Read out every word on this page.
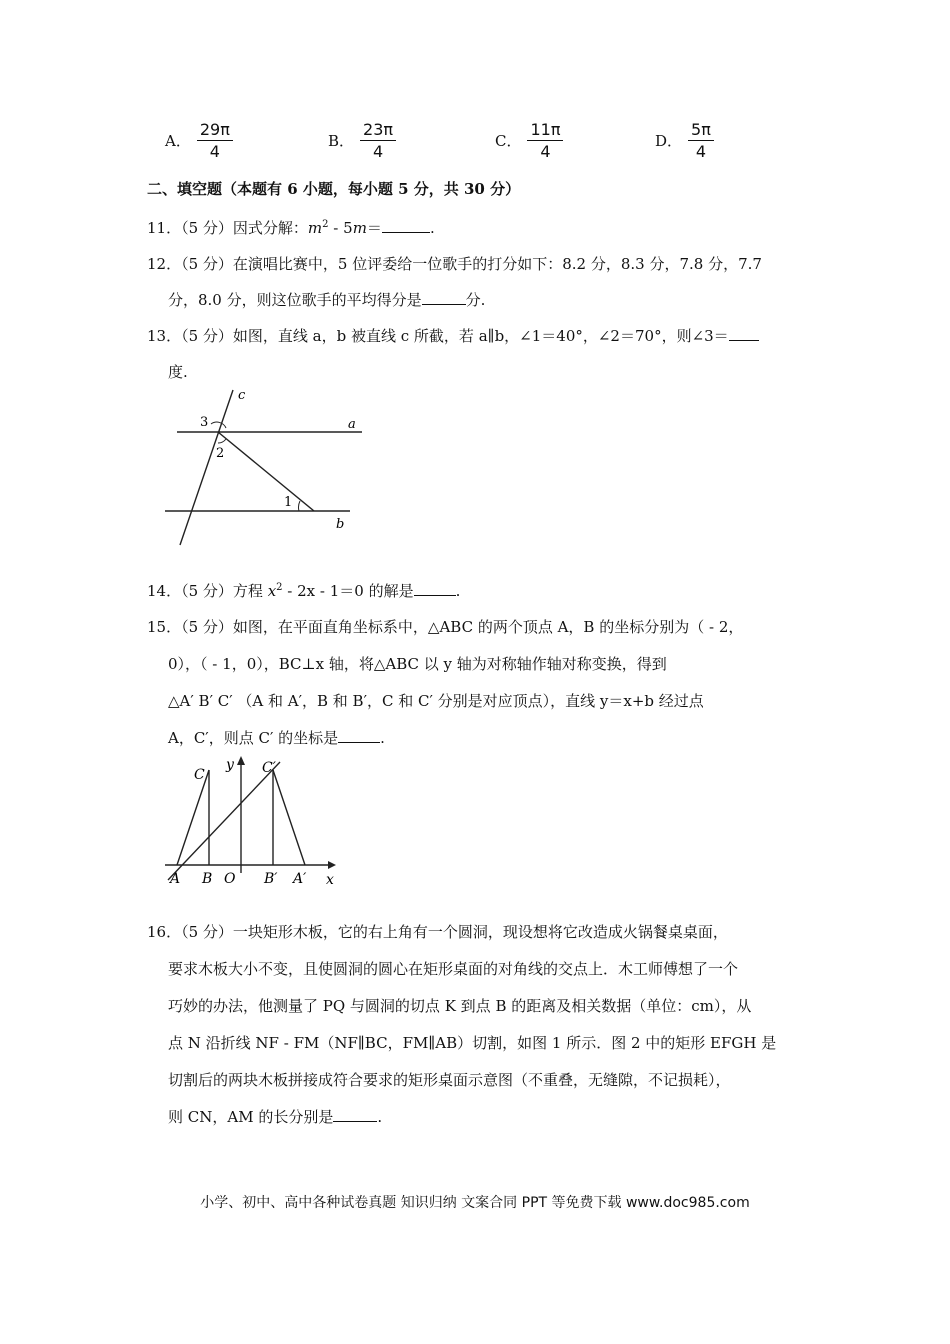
A． $\frac{29\pi}{4}$	B． $\frac{23\pi}{4}$	C． $\frac{11\pi}{4}$	D． $\frac{5\pi}{4}$
二、填空题（本题有 6 小题，每小题 5 分，共 30 分）
11．（5 分）因式分解：$m^2 - 5m=$	.
12．（5 分）在演唱比赛中，5 位评委给一位歌手的打分如下：8.2 分，8.3 分，7.8 分，7.7
分，8.0 分，则这位歌手的平均得分是	分.
13．（5 分）如图，直线 a，b 被直线 c 所截，若 a∥b，∠1＝40°，∠2＝70°，则∠3＝
度.
c
a
b
3
2
1
14．（5 分）方程 $x^2 - 2x - 1=0$ 的解是	.
15．（5 分）如图，在平面直角坐标系中，△ABC 的两个顶点 A，B 的坐标分别为（ - 2，
0），（ - 1，0），BC⊥x 轴，将△ABC 以 y 轴为对称轴作轴对称变换，得到
△A′ B′ C′ （A 和 A′，B 和 B′，C 和 C′ 分别是对应顶点），直线 y＝x+b 经过点
A，C′，则点 C′ 的坐标是	.
C	C′
y
A B O B′ A′ x
16．（5 分）一块矩形木板，它的右上角有一个圆洞，现设想将它改造成火锅餐桌桌面，
要求木板大小不变，且使圆洞的圆心在矩形桌面的对角线的交点上．木工师傅想了一个
巧妙的办法，他测量了 PQ 与圆洞的切点 K 到点 B 的距离及相关数据（单位：cm），从
点 N 沿折线 NF - FM（NF∥BC，FM∥AB）切割，如图 1 所示．图 2 中的矩形 EFGH 是
切割后的两块木板拼接成符合要求的矩形桌面示意图（不重叠，无缝隙，不记损耗），
则 CN，AM 的长分别是	.
小学、初中、高中各种试卷真题 知识归纳 文案合同 PPT 等免费下载 www.doc985.com
